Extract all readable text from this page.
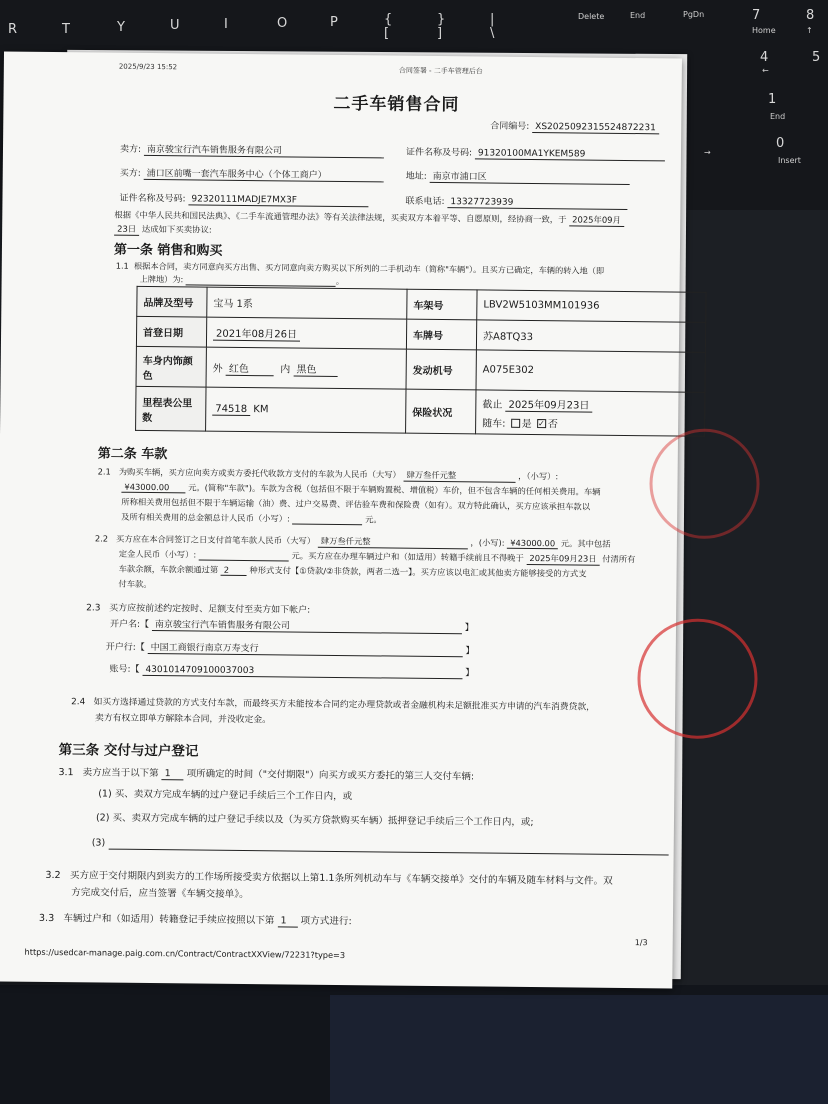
R	T	Y	U	I	O	P	{
[
}
]
|
\
Delete	End	PgDn	7
Home
8
↑
4
←
5
1
End
0
Insert
→
2025/9/23 15:52	合同签署 - 二手车管理后台
二手车销售合同
合同编号: XS2025092315524872231
卖方: 南京骏宝行汽车销售服务有限公司	证件名称及号码: 91320100MA1YKEM589
买方: 浦口区前嘴一套汽车服务中心（个体工商户）	地址: 南京市浦口区
证件名称及号码: 92320111MADJE7MX3F	联系电话: 13327723939
根据《中华人民共和国民法典》、《二手车流通管理办法》等有关法律法规，买卖双方本着平等、自愿原则，经协商一致，于 2025年09月
23日 达成如下买卖协议:
第一条 销售和购买
1.1 根据本合同，卖方同意向买方出售、买方同意向卖方购买以下所列的二手机动车（简称"车辆"）。且买方已确定，车辆的转入地（即
上牌地）为:	。
品牌及型号	宝马 1系	车架号	LBV2W5103MM101936
首登日期	2021年08月26日	车牌号	苏A8TQ33
车身内饰颜色	外 红色 内 黑色	发动机号	A075E302
里程表公里数	74518 KM	保险状况	截止 2025年09月23日
随车: 是 ✓ 否
第二条 车款
2.1 为购买车辆，买方应向卖方或卖方委托代收款方支付的车款为人民币（大写） 肆万叁仟元整	，（小写）:
¥43000.00 元。(简称"车款")。车款为含税（包括但不限于车辆购置税、增值税）车价，但不包含车辆的任何相关费用。车辆
所称相关费用包括但不限于车辆运输（油）费、过户交易费、评估验车费和保险费（如有）。双方特此确认，买方应该承担车款以
及所有相关费用的总金额总计人民币（小写）:	元。
2.2 买方应在本合同签订之日支付首笔车款人民币（大写） 肆万叁仟元整	，(小写): ¥43000.00 元。其中包括
定金人民币（小写）:	元。买方应在办理车辆过户和（如适用）转籍手续前且不得晚于 2025年09月23日 付清所有
车款余额，车款余额通过第 2 种形式支付【①贷款/②非贷款，两者二选一】。买方应该以电汇或其他卖方能够接受的方式支
付车款。
2.3 买方应按前述约定按时、足额支付至卖方如下帐户:
开户名:【 南京骏宝行汽车销售服务有限公司	】
开户行:【 中国工商银行南京万寿支行	】
账号:【 4301014709100037003	】
2.4 如买方选择通过贷款的方式支付车款，而最终买方未能按本合同约定办理贷款或者金融机构未足额批准买方申请的汽车消费贷款，
卖方有权立即单方解除本合同，并没收定金。
第三条 交付与过户登记
3.1 卖方应当于以下第 1 项所确定的时间（"交付期限"）向买方或买方委托的第三人交付车辆:
(1) 买、卖双方完成车辆的过户登记手续后三个工作日内，或
(2) 买、卖双方完成车辆的过户登记手续以及（为买方贷款购买车辆）抵押登记手续后三个工作日内，或;
(3)
3.2 买方应于交付期限内到卖方的工作场所接受卖方依据以上第1.1条所列机动车与《车辆交接单》交付的车辆及随车材料与文件。双
方完成交付后，应当签署《车辆交接单》。
3.3 车辆过户和（如适用）转籍登记手续应按照以下第 1 项方式进行:
https://usedcar-manage.paig.com.cn/Contract/ContractXXView/72231?type=3
1/3
